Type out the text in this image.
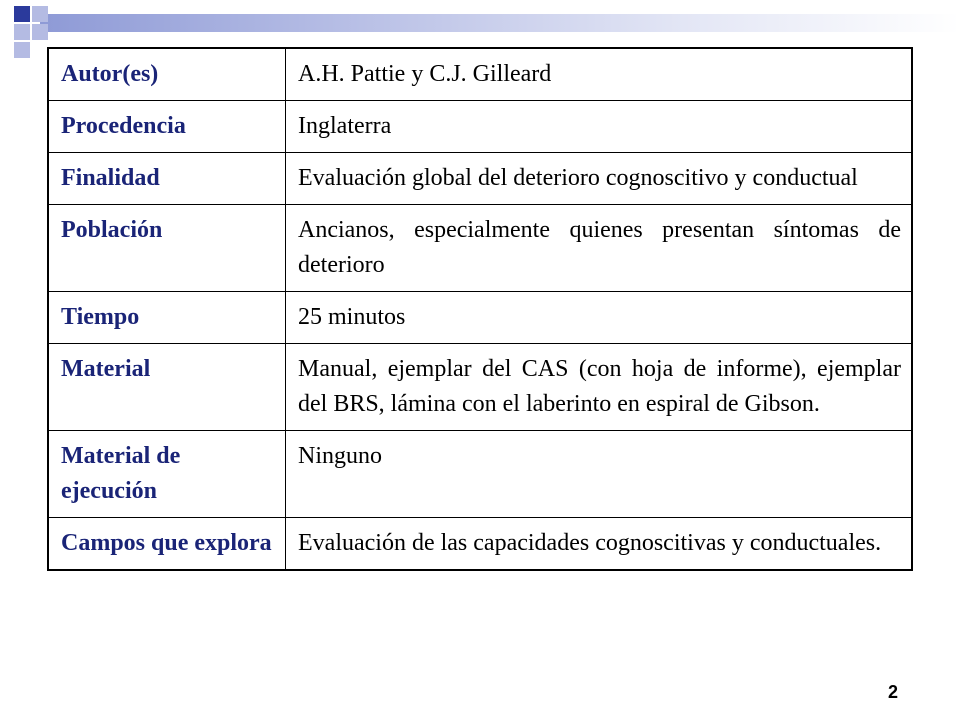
Autor(es)	A.H. Pattie y C.J. Gilleard
Procedencia	Inglaterra
Finalidad	Evaluación global del deterioro cognoscitivo y conductual
Población	Ancianos, especialmente quienes presentan síntomas de deterioro
Tiempo	25 minutos
Material	Manual, ejemplar del CAS (con hoja de informe), ejemplar del BRS, lámina con el laberinto en espiral de Gibson.
Material de ejecución	Ninguno
Campos que explora	Evaluación de las capacidades cognoscitivas y conductuales.
2
